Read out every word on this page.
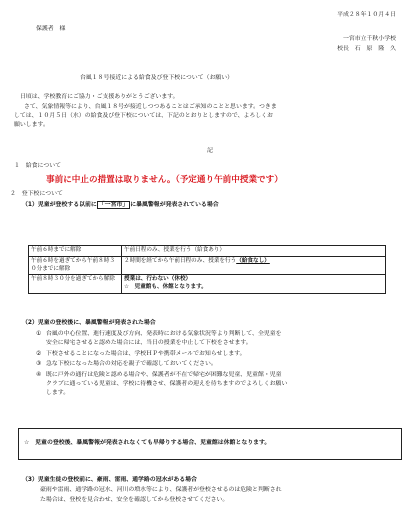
平成２８年１０月４日
保護者　様
一宮市立千秋小学校
校長　石　原　隆　久
台風１８号接近による給食及び登下校について（お願い）
日頃は、学校教育にご協力・ご支援ありがとうございます。
さて、気象情報等により、台風１８号が接近しつつあることはご承知のことと思います。つきま
しては、１０月５日（水）の給食及び登下校については、下記のとおりとしますので、よろしくお
願いします。
記
１　給食について
事前に中止の措置は取りません。（予定通り午前中授業です）
２　登下校について
（1）児童が登校する以前に 「一宮市」 に暴風警報が発表されている場合
午前６時までに解除	午前日程のみ、授業を行う（給食あり）
午前６時を過ぎてから午前８時３０分までに解除	２時間を経てから午前日程のみ、授業を行う（給食なし）
午前８時３０分を過ぎてから解除	授業は、行わない（休校）
☆　児童館も、休館となります。
（2）児童の登校後に、暴風警報が発表された場合
① 台風の中心位置、進行速度及び方向、発表時における気象状況等より判断して、全児童を
安全に帰宅させると認めた場合には、当日の授業を中止して下校をさせます。
② 下校させることになった場合は、学校ＨＰや携帯メールでお知らせします。
③ 急な下校になった場合の対応を親子で確認しておいてください。
④ 既に戸外の通行は危険と認める場合や、保護者が不在で帰宅が困難な児童、児童館・児童
クラブに通っている児童は、学校に待機させ、保護者の迎えを待ちますのでよろしくお願い
します。
☆　児童の登校後、暴風警報が発表されなくても早帰りする場合、児童館は休館となります。
（3）児童生徒の登校前に、豪雨、雷雨、通学路の冠水がある場合
豪雨や雷雨、通学路の冠水、河川の増水等により、保護者が登校させるのは危険と判断され
た場合は、登校を見合わせ、安全を確認してから登校させてください。
